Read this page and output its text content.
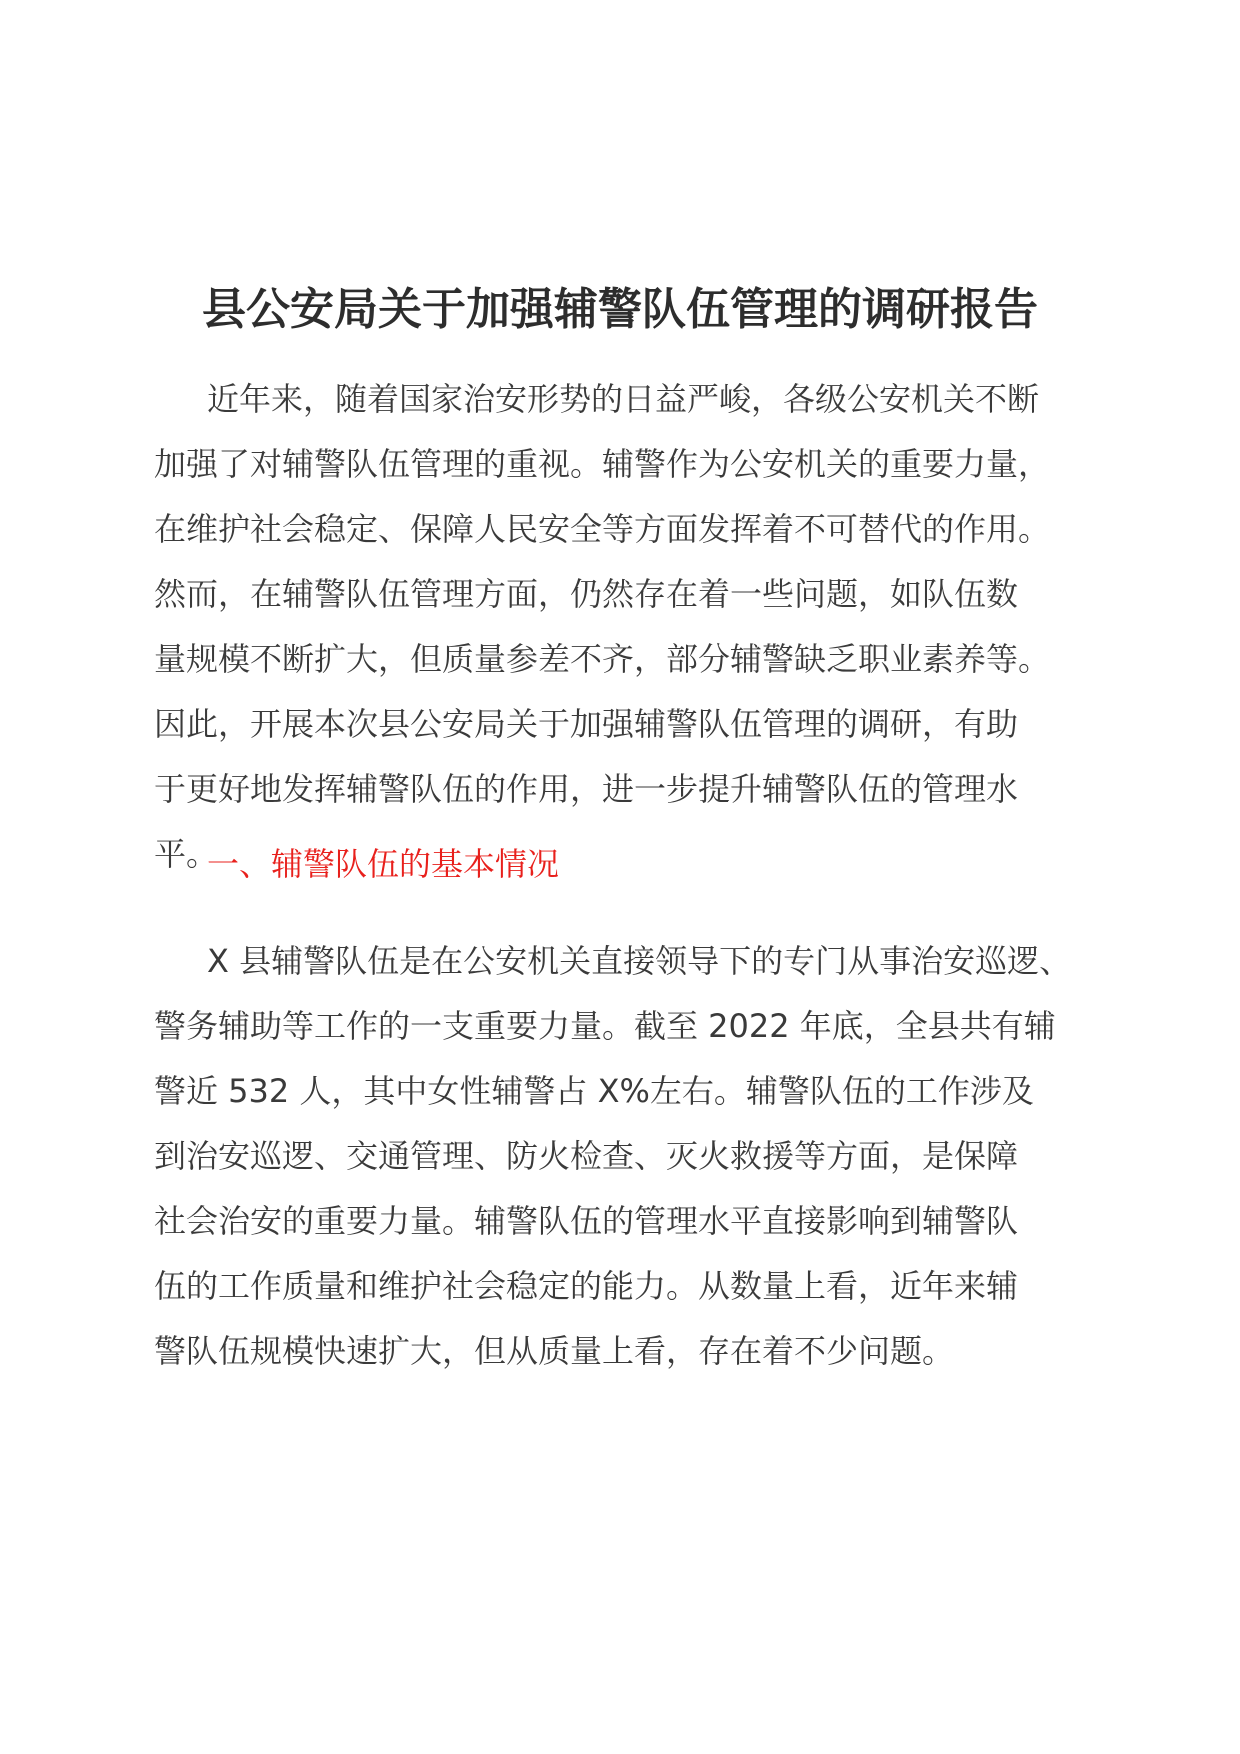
县公安局关于加强辅警队伍管理的调研报告

近年来，随着国家治安形势的日益严峻，各级公安机关不断
加强了对辅警队伍管理的重视。辅警作为公安机关的重要力量，
在维护社会稳定、保障人民安全等方面发挥着不可替代的作用。
然而，在辅警队伍管理方面，仍然存在着一些问题，如队伍数
量规模不断扩大，但质量参差不齐，部分辅警缺乏职业素养等。
因此，开展本次县公安局关于加强辅警队伍管理的调研，有助
于更好地发挥辅警队伍的作用，进一步提升辅警队伍的管理水
平。

一、辅警队伍的基本情况

X 县辅警队伍是在公安机关直接领导下的专门从事治安巡逻、
警务辅助等工作的一支重要力量。截至 2022 年底，全县共有辅
警近 532 人，其中女性辅警占 X%左右。辅警队伍的工作涉及
到治安巡逻、交通管理、防火检查、灭火救援等方面，是保障
社会治安的重要力量。辅警队伍的管理水平直接影响到辅警队
伍的工作质量和维护社会稳定的能力。从数量上看，近年来辅
警队伍规模快速扩大，但从质量上看，存在着不少问题。
